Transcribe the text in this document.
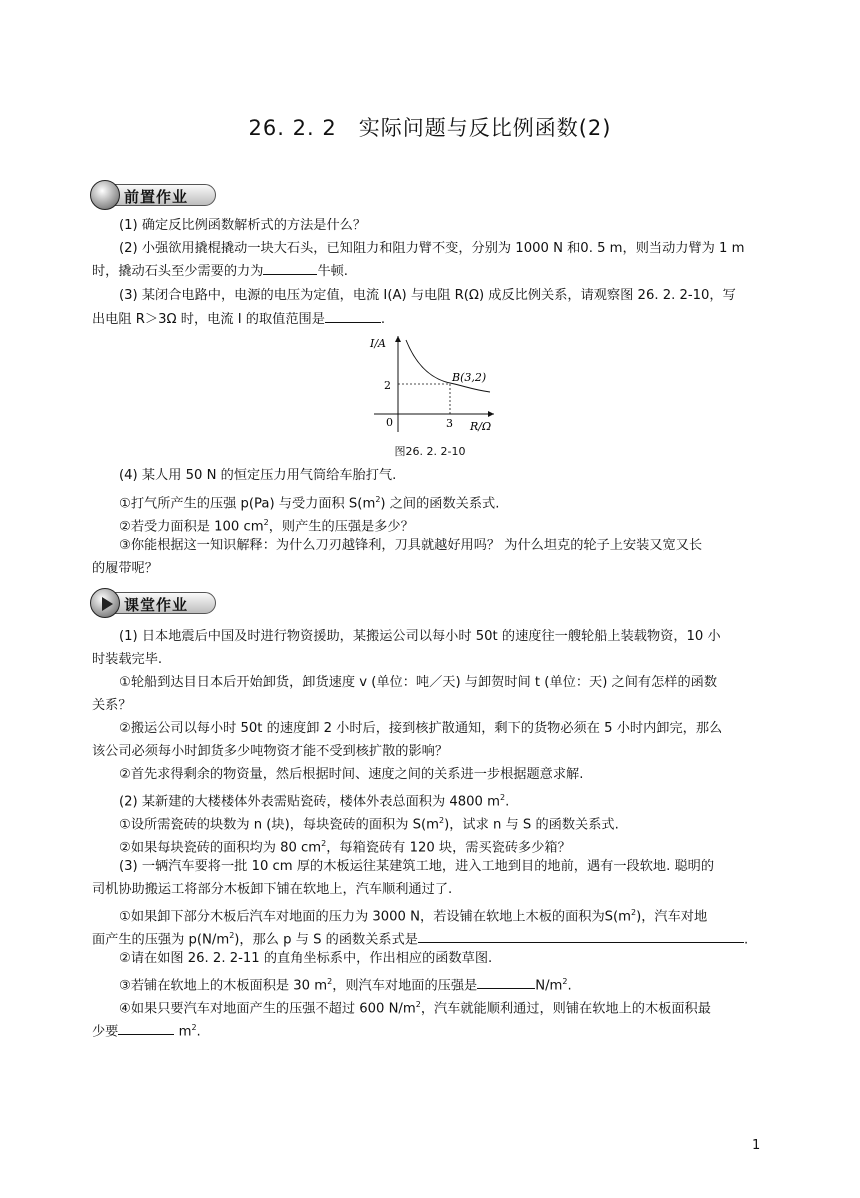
26. 2. 2　实际问题与反比例函数(2)
前置作业

(1) 确定反比例函数解析式的方法是什么？

(2) 小强欲用撬棍撬动一块大石头，已知阻力和阻力臂不变，分别为 1000 N 和0. 5 m，则当动力臂为 1 m

时，撬动石头至少需要的力为	牛顿.

(3) 某闭合电路中，电源的电压为定值，电流 I(A) 与电阻 R(Ω) 成反比例关系，请观察图 26. 2. 2-10，写

出电阻 R＞3Ω 时，电流 I 的取值范围是	.

I/A
2
0	3 R/Ω
B(3,2)
图26. 2. 2-10

(4) 某人用 50 N 的恒定压力用气筒给车胎打气.

①打气所产生的压强 p(Pa) 与受力面积 $S(m^2)$ 之间的函数关系式.

②若受力面积是 100 $cm^2$，则产生的压强是多少？

③你能根据这一知识解释：为什么刀刃越锋利，刀具就越好用吗？ 为什么坦克的轮子上安装又宽又长

的履带呢？

课堂作业

(1) 日本地震后中国及时进行物资援助，某搬运公司以每小时 50t 的速度往一艘轮船上装载物资，10 小

时装载完毕.

①轮船到达目日本后开始卸货，卸货速度 v (单位：吨／天) 与卸贺时间 t (单位：天) 之间有怎样的函数

关系？

②搬运公司以每小时 50t 的速度卸 2 小时后，接到核扩散通知，剩下的货物必须在 5 小时内卸完，那么

该公司必须每小时卸货多少吨物资才能不受到核扩散的影响？

②首先求得剩余的物资量，然后根据时间、速度之间的关系进一步根据题意求解.

(2) 某新建的大楼楼体外表需贴瓷砖，楼体外表总面积为 4800 $m^2$.

①设所需瓷砖的块数为 n (块)，每块瓷砖的面积为 $S(m^2)$，试求 n 与 S 的函数关系式.

②如果每块瓷砖的面积均为 80 $cm^2$，每箱瓷砖有 120 块，需买瓷砖多少箱？

(3) 一辆汽车要将一批 10 cm 厚的木板运往某建筑工地，进入工地到目的地前，遇有一段软地. 聪明的

司机协助搬运工将部分木板卸下铺在软地上，汽车顺利通过了.

①如果卸下部分木板后汽车对地面的压力为 3000 N，若设铺在软地上木板的面积为$S(m^2)$，汽车对地

面产生的压强为 $p(N/m^2)$，那么 p 与 S 的函数关系式是	.

②请在如图 26. 2. 2-11 的直角坐标系中，作出相应的函数草图.

③若铺在软地上的木板面积是 30 $m^2$，则汽车对地面的压强是	$N/m^2$.

④如果只要汽车对地面产生的压强不超过 600 $N/m^2$，汽车就能顺利通过，则铺在软地上的木板面积最

少要	$m^2$.

1
